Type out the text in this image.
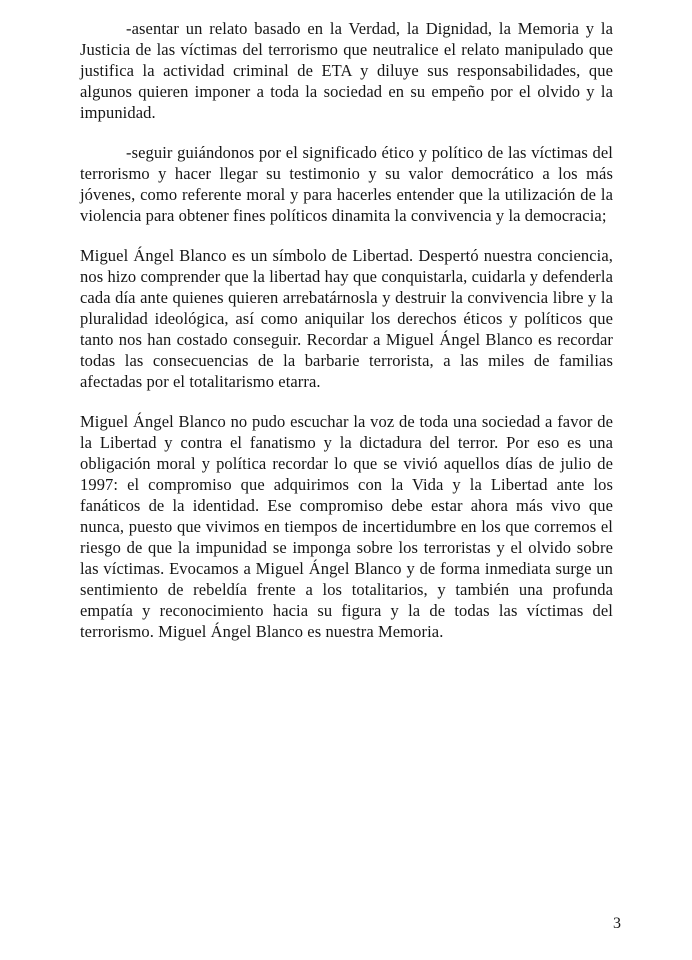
-asentar un relato basado en la Verdad, la Dignidad, la Memoria y la Justicia de las víctimas del terrorismo que neutralice el relato manipulado que justifica la actividad criminal de ETA y diluye sus responsabilidades, que algunos quieren imponer a toda la sociedad en su empeño por el olvido y la impunidad.

-seguir guiándonos por el significado ético y político de las víctimas del terrorismo y hacer llegar su testimonio y su valor democrático a los más jóvenes, como referente moral y para hacerles entender que la utilización de la violencia para obtener fines políticos dinamita la convivencia y la democracia;

Miguel Ángel Blanco es un símbolo de Libertad. Despertó nuestra conciencia, nos hizo comprender que la libertad hay que conquistarla, cuidarla y defenderla cada día ante quienes quieren arrebatárnosla y destruir la convivencia libre y la pluralidad ideológica, así como aniquilar los derechos éticos y políticos que tanto nos han costado conseguir. Recordar a Miguel Ángel Blanco es recordar todas las consecuencias de la barbarie terrorista, a las miles de familias afectadas por el totalitarismo etarra.

Miguel Ángel Blanco no pudo escuchar la voz de toda una sociedad a favor de la Libertad y contra el fanatismo y la dictadura del terror. Por eso es una obligación moral y política recordar lo que se vivió aquellos días de julio de 1997: el compromiso que adquirimos con la Vida y la Libertad ante los fanáticos de la identidad. Ese compromiso debe estar ahora más vivo que nunca, puesto que vivimos en tiempos de incertidumbre en los que corremos el riesgo de que la impunidad se imponga sobre los terroristas y el olvido sobre las víctimas. Evocamos a Miguel Ángel Blanco y de forma inmediata surge un sentimiento de rebeldía frente a los totalitarios, y también una profunda empatía y reconocimiento hacia su figura y la de todas las víctimas del terrorismo. Miguel Ángel Blanco es nuestra Memoria.

3
